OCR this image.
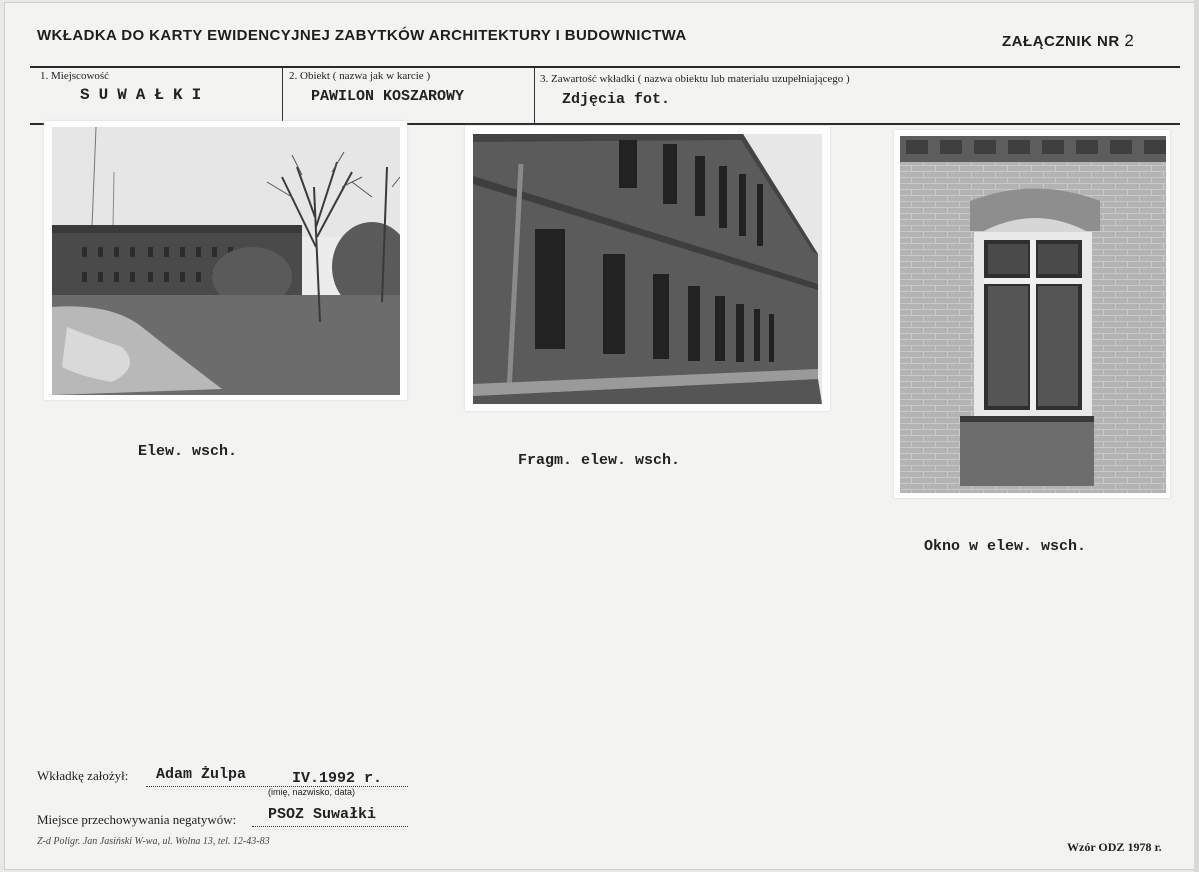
WKŁADKA DO KARTY EWIDENCYJNEJ ZABYTKÓW ARCHITEKTURY I BUDOWNICTWA	ZAŁĄCZNIK NR 2
1. Miejscowość
SUWAŁKI
2. Obiekt ( nazwa jak w karcie )
PAWILON KOSZAROWY
3. Zawartość wkładki ( nazwa obiektu lub materiału uzupełniającego )
Zdjęcia fot.
Elew. wsch.
Fragm. elew. wsch.
Okno w elew. wsch.
Wkładkę założył: Adam Żulpa	IV.1992 r.
(imię, nazwisko, data)
Miejsce przechowywania negatywów: PSOZ Suwałki
Z-d Poligr. Jan Jasiński W-wa, ul. Wolna 13, tel. 12-43-83	Wzór ODZ 1978 r.
